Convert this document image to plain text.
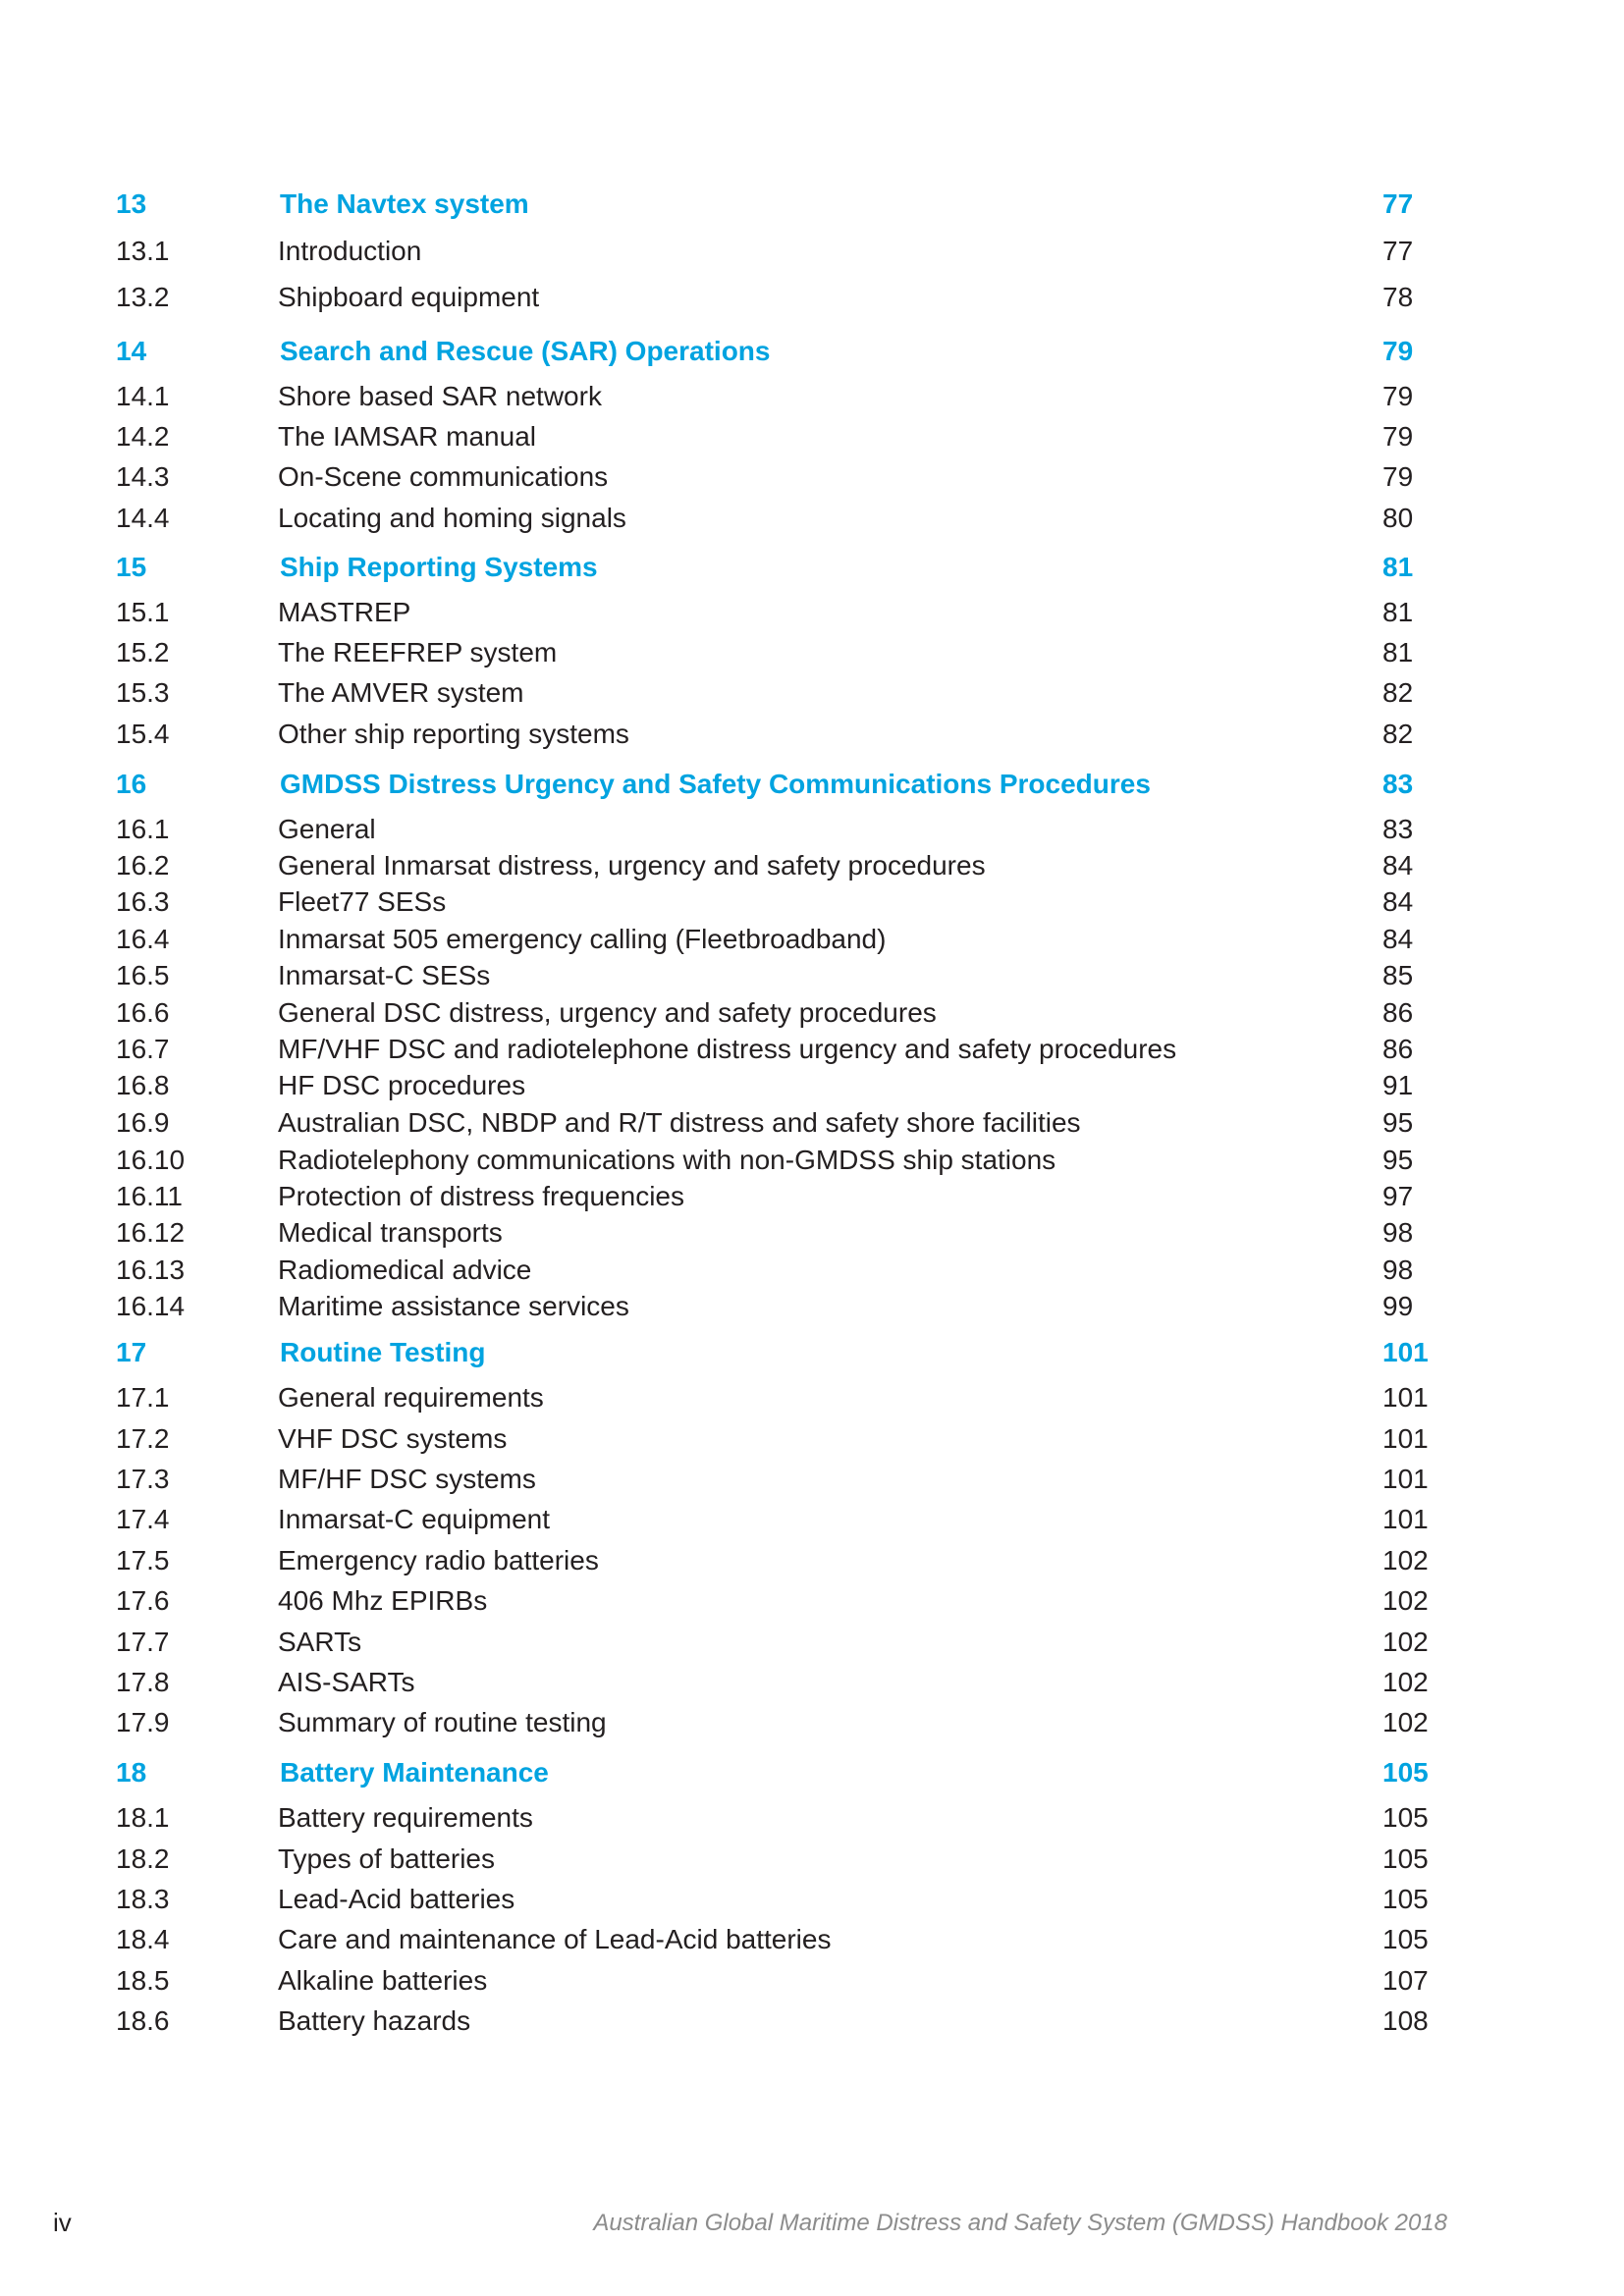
13	The Navtex system	77
13.1	Introduction	77
13.2	Shipboard equipment	78
14	Search and Rescue (SAR) Operations	79
14.1	Shore based SAR network	79
14.2	The IAMSAR manual	79
14.3	On-Scene communications	79
14.4	Locating and homing signals	80
15	Ship Reporting Systems	81
15.1	MASTREP	81
15.2	The REEFREP system	81
15.3	The AMVER system	82
15.4	Other ship reporting systems	82
16	GMDSS Distress Urgency and Safety Communications Procedures	83
16.1	General	83
16.2	General Inmarsat distress, urgency and safety procedures	84
16.3	Fleet77 SESs	84
16.4	Inmarsat 505 emergency calling (Fleetbroadband)	84
16.5	Inmarsat-C SESs	85
16.6	General DSC distress, urgency and safety procedures	86
16.7	MF/VHF DSC and radiotelephone distress urgency and safety procedures	86
16.8	HF DSC procedures	91
16.9	Australian DSC, NBDP and R/T distress and safety shore facilities	95
16.10	Radiotelephony communications with non-GMDSS ship stations	95
16.11	Protection of distress frequencies	97
16.12	Medical transports	98
16.13	Radiomedical advice	98
16.14	Maritime assistance services	99
17	Routine Testing	101
17.1	General requirements	101
17.2	VHF DSC systems	101
17.3	MF/HF DSC systems	101
17.4	Inmarsat-C equipment	101
17.5	Emergency radio batteries	102
17.6	406 Mhz EPIRBs	102
17.7	SARTs	102
17.8	AIS-SARTs	102
17.9	Summary of routine testing	102
18	Battery Maintenance	105
18.1	Battery requirements	105
18.2	Types of batteries	105
18.3	Lead-Acid batteries	105
18.4	Care and maintenance of Lead-Acid batteries	105
18.5	Alkaline batteries	107
18.6	Battery hazards	108
iv	Australian Global Maritime Distress and Safety System (GMDSS) Handbook 2018
